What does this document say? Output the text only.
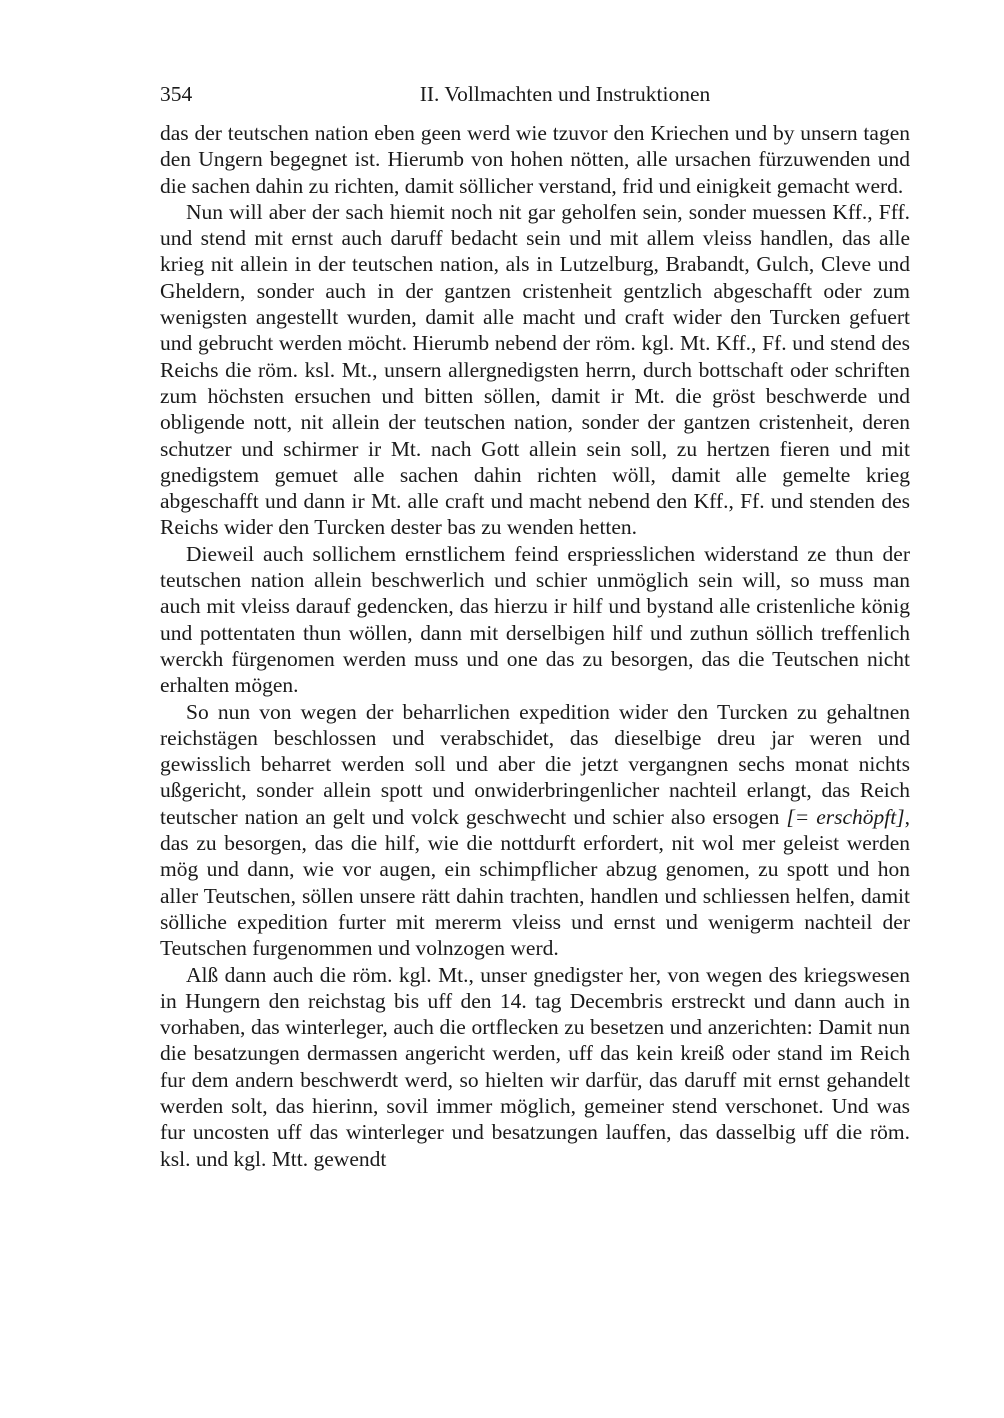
354	II. Vollmachten und Instruktionen

das der teutschen nation eben geen werd wie tzuvor den Kriechen und by unsern tagen den Ungern begegnet ist. Hierumb von hohen nötten, alle ursachen fürzuwenden und die sachen dahin zu richten, damit söllicher verstand, frid und einigkeit gemacht werd.

Nun will aber der sach hiemit noch nit gar geholfen sein, sonder muessen Kff., Fff. und stend mit ernst auch daruff bedacht sein und mit allem vleiss handlen, das alle krieg nit allein in der teutschen nation, als in Lutzelburg, Brabandt, Gulch, Cleve und Gheldern, sonder auch in der gantzen cristenheit gentzlich abgeschafft oder zum wenigsten angestellt wurden, damit alle macht und craft wider den Turcken gefuert und gebrucht werden möcht. Hierumb nebend der röm. kgl. Mt. Kff., Ff. und stend des Reichs die röm. ksl. Mt., unsern allergnedigsten herrn, durch bottschaft oder schriften zum höchsten ersuchen und bitten söllen, damit ir Mt. die gröst beschwerde und obligende nott, nit allein der teutschen nation, sonder der gantzen cristenheit, deren schutzer und schirmer ir Mt. nach Gott allein sein soll, zu hertzen fieren und mit gnedigstem gemuet alle sachen dahin richten wöll, damit alle gemelte krieg abgeschafft und dann ir Mt. alle craft und macht nebend den Kff., Ff. und stenden des Reichs wider den Turcken dester bas zu wenden hetten.

Dieweil auch sollichem ernstlichem feind erspriesslichen widerstand ze thun der teutschen nation allein beschwerlich und schier unmöglich sein will, so muss man auch mit vleiss darauf gedencken, das hierzu ir hilf und bystand alle cristenliche könig und pottentaten thun wöllen, dann mit derselbigen hilf und zuthun söllich treffenlich werckh fürgenomen werden muss und one das zu besorgen, das die Teutschen nicht erhalten mögen.

So nun von wegen der beharrlichen expedition wider den Turcken zu gehaltnen reichstägen beschlossen und verabschidet, das dieselbige dreu jar weren und gewisslich beharret werden soll und aber die jetzt vergangnen sechs monat nichts ußgericht, sonder allein spott und onwiderbringenlicher nachteil erlangt, das Reich teutscher nation an gelt und volck geschwecht und schier also ersogen [= erschöpft], das zu besorgen, das die hilf, wie die nottdurft erfordert, nit wol mer geleist werden mög und dann, wie vor augen, ein schimpflicher abzug genomen, zu spott und hon aller Teutschen, söllen unsere rätt dahin trachten, handlen und schliessen helfen, damit sölliche expedition furter mit mererm vleiss und ernst und wenigerm nachteil der Teutschen furgenommen und volnzogen werd.

Alß dann auch die röm. kgl. Mt., unser gnedigster her, von wegen des kriegswesen in Hungern den reichstag bis uff den 14. tag Decembris erstreckt und dann auch in vorhaben, das winterleger, auch die ortflecken zu besetzen und anzerichten: Damit nun die besatzungen dermassen angericht werden, uff das kein kreiß oder stand im Reich fur dem andern beschwerdt werd, so hielten wir darfür, das daruff mit ernst gehandelt werden solt, das hierinn, sovil immer möglich, gemeiner stend verschonet. Und was fur uncosten uff das winterleger und besatzungen lauffen, das dasselbig uff die röm. ksl. und kgl. Mtt. gewendt
